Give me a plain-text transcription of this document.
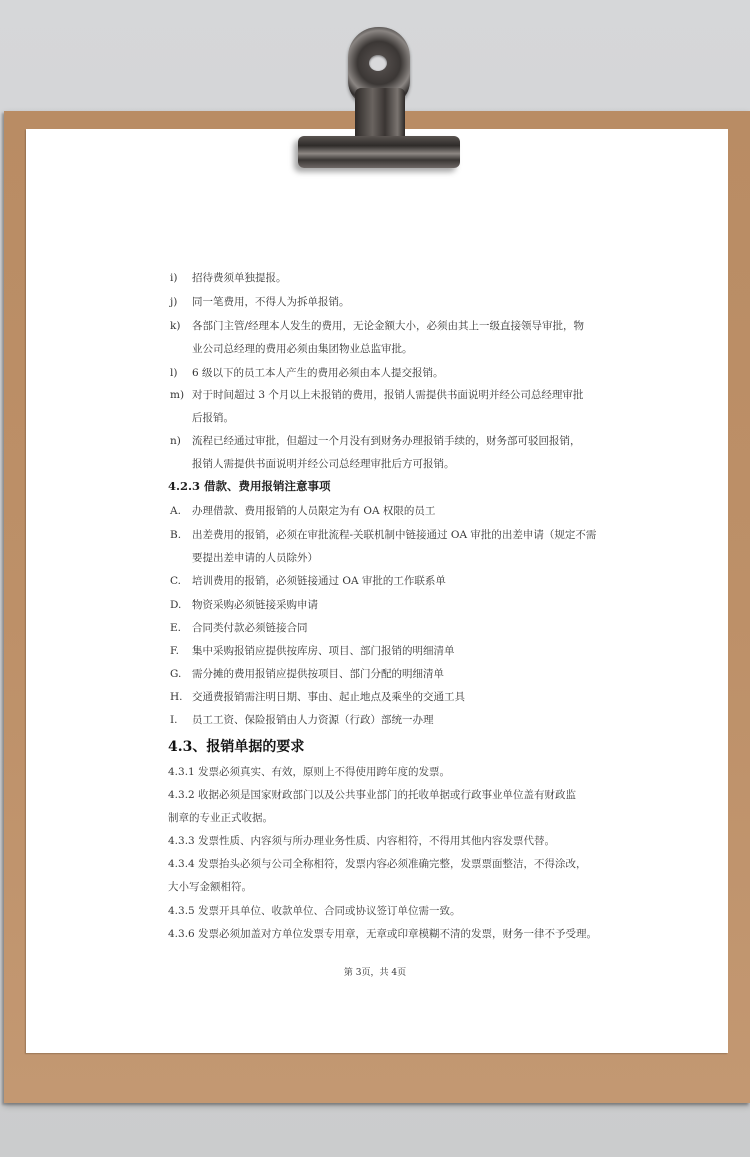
i) 招待费须单独提报。
j) 同一笔费用，不得人为拆单报销。
k) 各部门主管/经理本人发生的费用，无论金额大小，必须由其上一级直接领导审批，物
业公司总经理的费用必须由集团物业总监审批。
l) 6 级以下的员工本人产生的费用必须由本人提交报销。
m) 对于时间超过 3 个月以上未报销的费用，报销人需提供书面说明并经公司总经理审批
后报销。
n) 流程已经通过审批，但超过一个月没有到财务办理报销手续的，财务部可驳回报销，
报销人需提供书面说明并经公司总经理审批后方可报销。
4.2.3 借款、费用报销注意事项
A. 办理借款、费用报销的人员限定为有 OA 权限的员工
B. 出差费用的报销，必须在审批流程-关联机制中链接通过 OA 审批的出差申请（规定不需
要提出差申请的人员除外）
C. 培训费用的报销，必须链接通过 OA 审批的工作联系单
D. 物资采购必须链接采购申请
E. 合同类付款必须链接合同
F. 集中采购报销应提供按库房、项目、部门报销的明细清单
G. 需分摊的费用报销应提供按项目、部门分配的明细清单
H. 交通费报销需注明日期、事由、起止地点及乘坐的交通工具
I. 员工工资、保险报销由人力资源（行政）部统一办理
4.3、报销单据的要求
4.3.1 发票必须真实、有效，原则上不得使用跨年度的发票。
4.3.2 收据必须是国家财政部门以及公共事业部门的托收单据或行政事业单位盖有财政监
制章的专业正式收据。
4.3.3 发票性质、内容须与所办理业务性质、内容相符，不得用其他内容发票代替。
4.3.4 发票抬头必须与公司全称相符，发票内容必须准确完整，发票票面整洁，不得涂改，
大小写金额相符。
4.3.5 发票开具单位、收款单位、合同或协议签订单位需一致。
4.3.6 发票必须加盖对方单位发票专用章，无章或印章模糊不清的发票，财务一律不予受理。
第 3页，共 4页
